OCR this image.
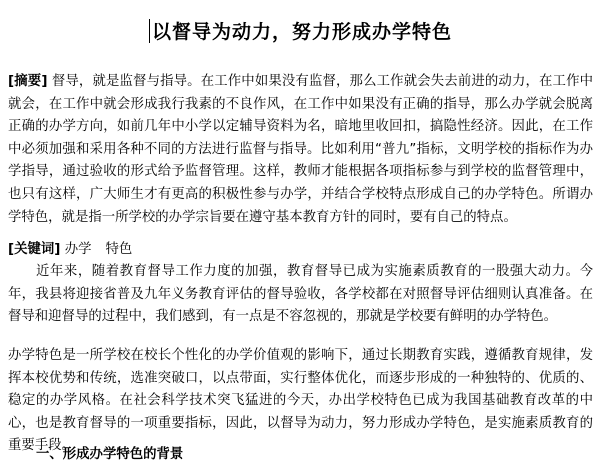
以督导为动力，努力形成办学特色
[摘要] 督导，就是监督与指导。在工作中如果没有监督，那么工作就会失去前进的动力，在工作中就会，在工作中就会形成我行我素的不良作风，在工作中如果没有正确的指导，那么办学就会脱离正确的办学方向，如前几年中小学以定辅导资料为名，暗地里收回扣，搞隐性经济。因此，在工作中必须加强和采用各种不同的方法进行监督与指导。比如利用“普九”指标，文明学校的指标作为办学指导，通过验收的形式给予监督管理。这样，教师才能根据各项指标参与到学校的监督管理中，也只有这样，广大师生才有更高的积极性参与办学，并结合学校特点形成自己的办学特色。所谓办学特色，就是指一所学校的办学宗旨要在遵守基本教育方针的同时，要有自己的特点。
[关键词] 办学 特色
近年来，随着教育督导工作力度的加强，教育督导已成为实施素质教育的一股强大动力。今年，我县将迎接省普及九年义务教育评估的督导验收，各学校都在对照督导评估细则认真准备。在督导和迎督导的过程中，我们感到，有一点是不容忽视的，那就是学校要有鲜明的办学特色。
办学特色是一所学校在校长个性化的办学价值观的影响下，通过长期教育实践，遵循教育规律，发挥本校优势和传统，选准突破口，以点带面，实行整体优化，而逐步形成的一种独特的、优质的、稳定的办学风格。在社会科学技术突飞猛进的今天，办出学校特色已成为我国基础教育改革的中心，也是教育督导的一项重要指标，因此，以督导为动力，努力形成办学特色，是实施素质教育的重要手段。
一、形成办学特色的背景
